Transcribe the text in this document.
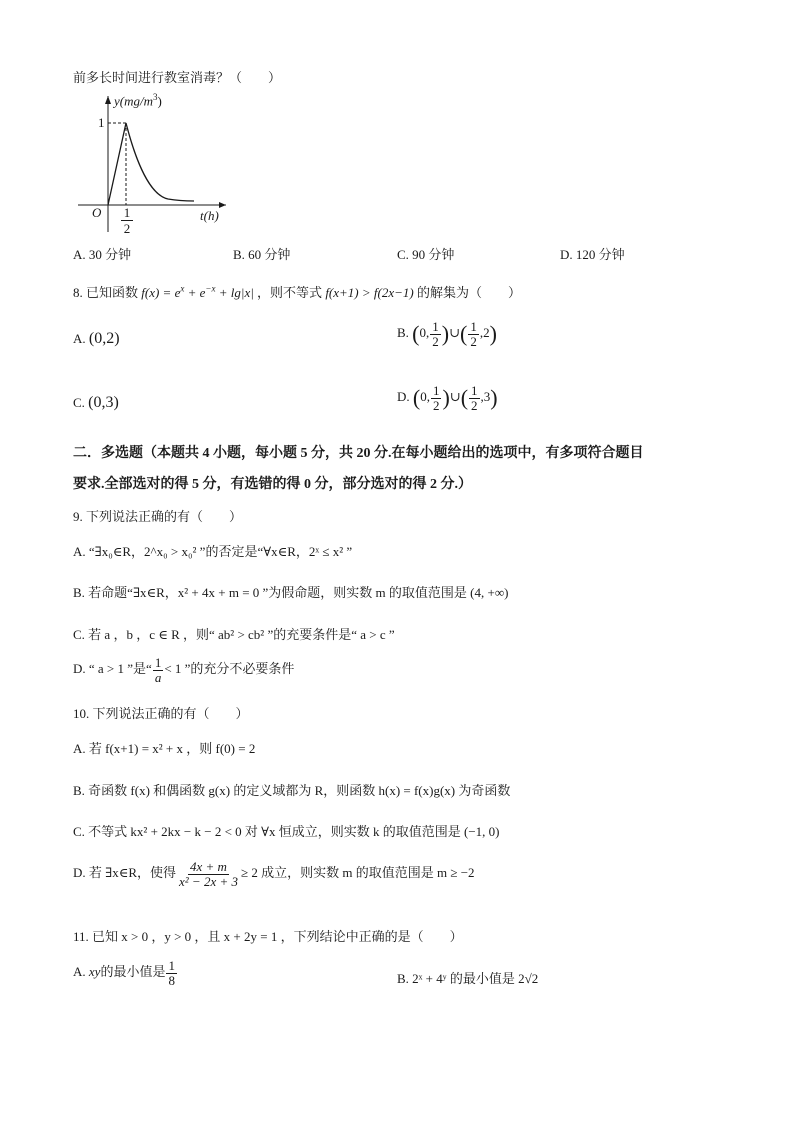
前多长时间进行教室消毒？（　　）
$y(mg/m^3)$
1
O 1
2
t(h)
A. 30 分钟	B. 60 分钟	C. 90 分钟	D. 120 分钟
8. 已知函数 $f(x) = e^x + e^{-x} + \lg|x|$ ，则不等式 f(x+1) > f(2x−1) 的解集为（　　）
A. (0,2)	B. (0, $\frac{1}{2}$ )∪( $\frac{1}{2} ,2$)
C. (0,3)	D. (0, $\frac{1}{2}$ )∪( $\frac{1}{2} ,3$)
二．多选题（本题共 4 小题，每小题 5 分，共 20 分.在每小题给出的选项中，有多项符合题目
要求.全部选对的得 5 分，有选错的得 0 分，部分选对的得 2 分.）
9. 下列说法正确的有（　　）
A. “∃x₀∈R，2^x₀ > x₀² ”的否定是“∀x∈R，2ˣ ≤ x² ”
B. 若命题“∃x∈R，x² + 4x + m = 0 ”为假命题，则实数 m 的取值范围是 (4, +∞)
C. 若 a ，b ，c ∈ R ，则“ ab² > cb² ”的充要条件是“ a > c ”
D. “ a > 1 ”是“ $\frac{1}{a} < 1$ ”的充分不必要条件
10. 下列说法正确的有（　　）
A. 若 f(x+1) = x² + x ，则 f(0) = 2
B. 奇函数 f(x) 和偶函数 g(x) 的定义域都为 R，则函数 h(x) = f(x)g(x) 为奇函数
C. 不等式 kx² + 2kx − k − 2 < 0 对 ∀x 恒成立，则实数 k 的取值范围是 (−1, 0)
D. 若 ∃x∈R，使得 $\frac{4x + m}{\text{x² − 2x + 3}} \ge 2$ 成立，则实数 m 的取值范围是 m ≥ −2
11. 已知 x > 0 ，y > 0 ，且 x + 2y = 1 ，下列结论中正确的是（　　）
A. xy的最小值是 $\frac{1}{8}$	B. 2ˣ + 4ʸ 的最小值是 2√2
